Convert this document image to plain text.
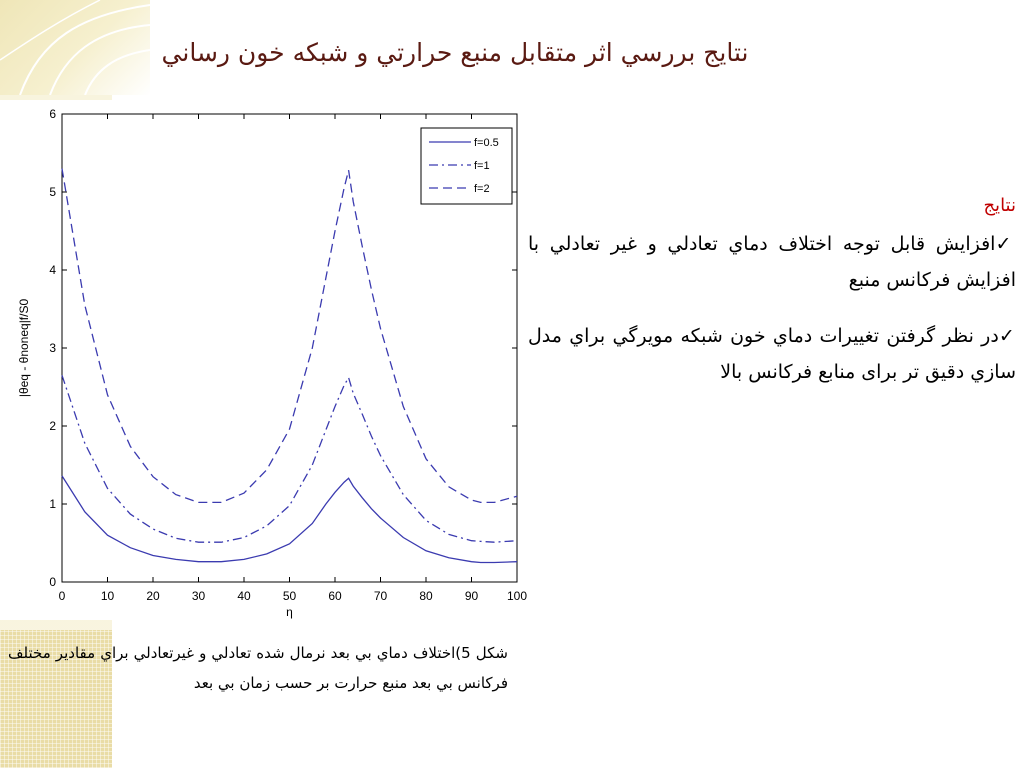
نتايج بررسي اثر متقابل منبع حرارتي و شبكه خون رساني
0	10	20	30	40	50	60	70	80	90 100
0
1
2
3
4
5
6
η
|θeq - θnoneq|f/S0
f=0.5
f=1
f=2
نتايج
✓افزايش قابل توجه اختلاف دماي تعادلي و غير تعادلي با افزايش فركانس منبع
✓در نظر گرفتن تغييرات دماي خون شبكه مويرگي براي مدل سازي دقيق تر برای منابع فركانس بالا
شكل 5)اختلاف دماي بي بعد نرمال شده تعادلي و غيرتعادلي براي مقادير مختلف فركانس بي بعد منبع حرارت بر حسب زمان بي بعد
